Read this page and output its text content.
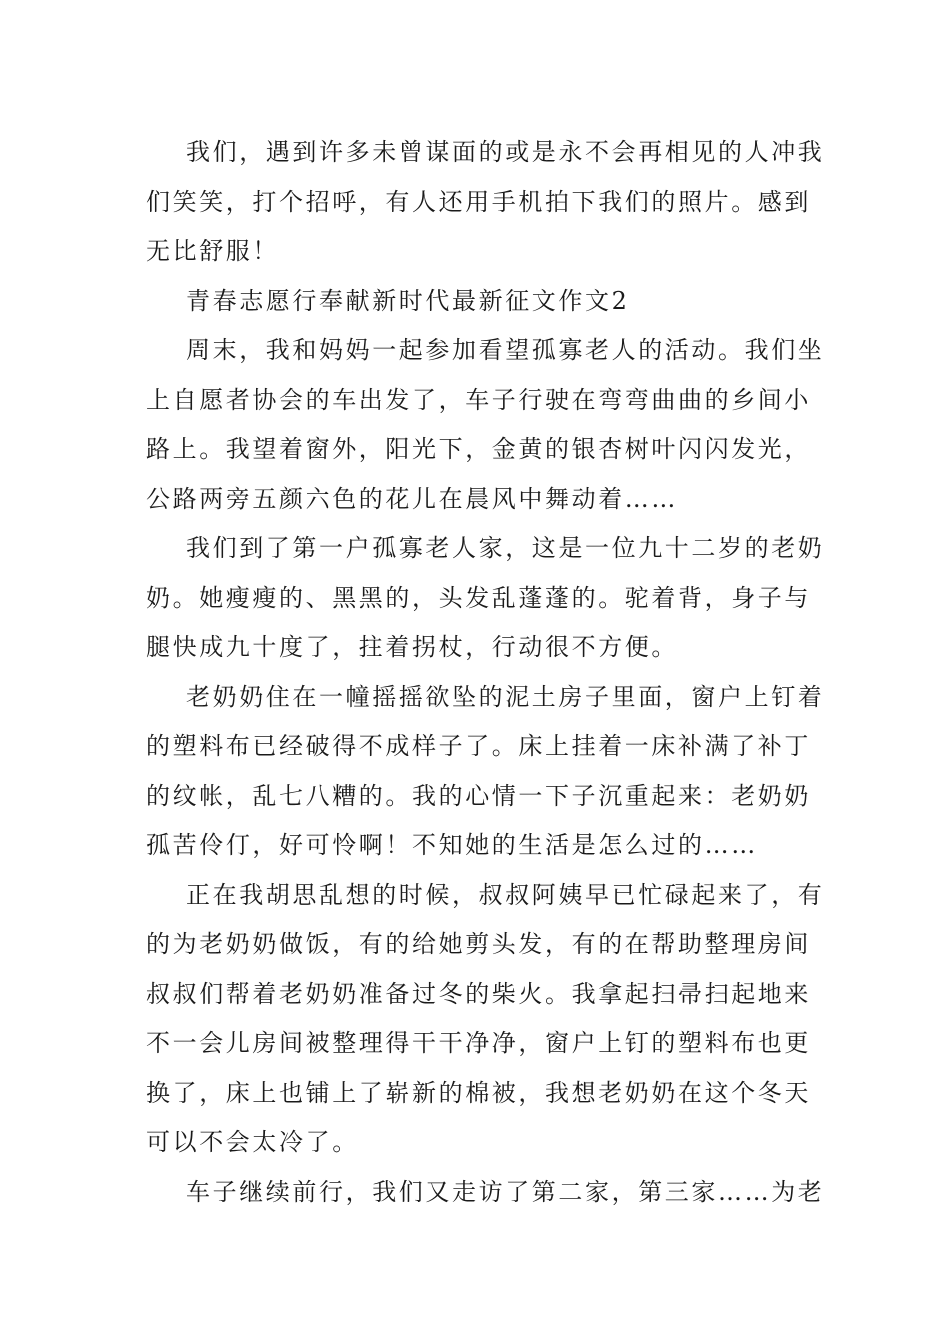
我们，遇到许多未曾谋面的或是永不会再相见的人冲我
们笑笑，打个招呼，有人还用手机拍下我们的照片。感到
无比舒服！
青春志愿行奉献新时代最新征文作文2
周末，我和妈妈一起参加看望孤寡老人的活动。我们坐
上自愿者协会的车出发了，车子行驶在弯弯曲曲的乡间小
路上。我望着窗外，阳光下，金黄的银杏树叶闪闪发光，
公路两旁五颜六色的花儿在晨风中舞动着……
我们到了第一户孤寡老人家，这是一位九十二岁的老奶
奶。她瘦瘦的、黑黑的，头发乱蓬蓬的。驼着背，身子与
腿快成九十度了，拄着拐杖，行动很不方便。
老奶奶住在一幢摇摇欲坠的泥土房子里面，窗户上钉着
的塑料布已经破得不成样子了。床上挂着一床补满了补丁
的纹帐，乱七八糟的。我的心情一下子沉重起来：老奶奶
孤苦伶仃，好可怜啊！不知她的生活是怎么过的……
正在我胡思乱想的时候，叔叔阿姨早已忙碌起来了，有
的为老奶奶做饭，有的给她剪头发，有的在帮助整理房间
叔叔们帮着老奶奶准备过冬的柴火。我拿起扫帚扫起地来
不一会儿房间被整理得干干净净，窗户上钉的塑料布也更
换了，床上也铺上了崭新的棉被，我想老奶奶在这个冬天
可以不会太冷了。
车子继续前行，我们又走访了第二家，第三家……为老
